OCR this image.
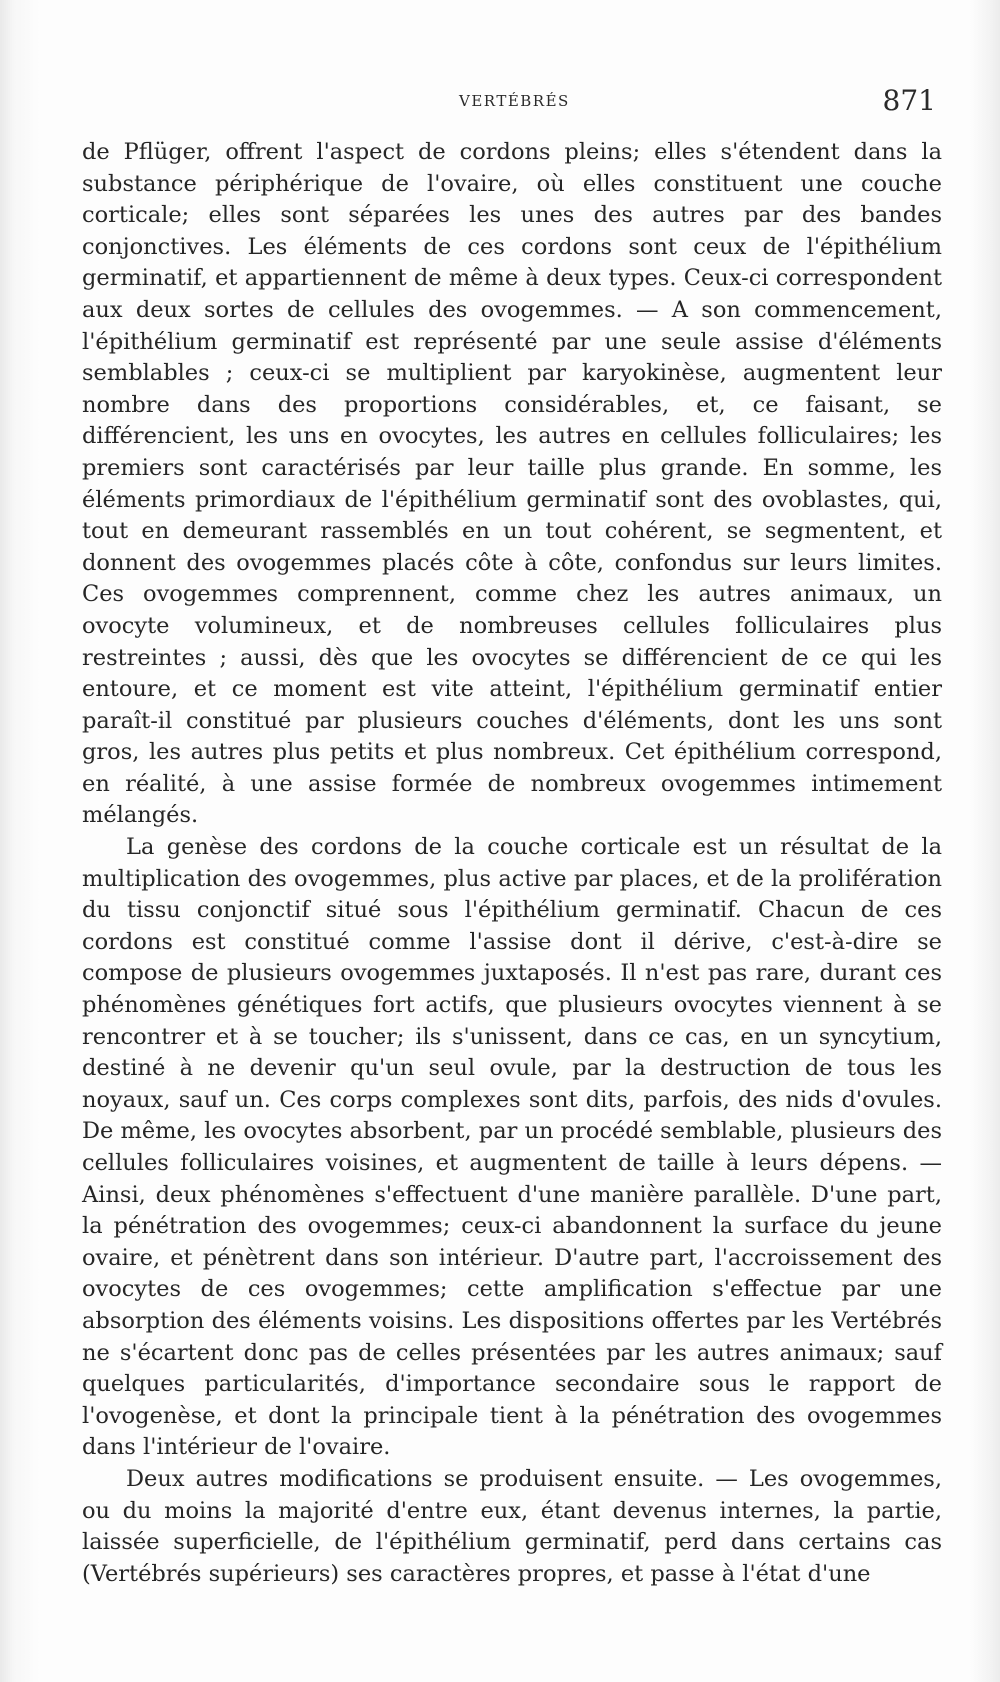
VERTÉBRÉS	871

de Pflüger, offrent l'aspect de cordons pleins; elles s'étendent dans la substance périphérique de l'ovaire, où elles constituent une couche corticale; elles sont séparées les unes des autres par des bandes conjonctives. Les éléments de ces cordons sont ceux de l'épithélium germinatif, et appartiennent de même à deux types. Ceux-ci correspondent aux deux sortes de cellules des ovogemmes. — A son commencement, l'épithélium germinatif est représenté par une seule assise d'éléments semblables ; ceux-ci se multiplient par karyokinèse, augmentent leur nombre dans des proportions considérables, et, ce faisant, se différencient, les uns en ovocytes, les autres en cellules folliculaires; les premiers sont caractérisés par leur taille plus grande. En somme, les éléments primordiaux de l'épithélium germinatif sont des ovoblastes, qui, tout en demeurant rassemblés en un tout cohérent, se segmentent, et donnent des ovogemmes placés côte à côte, confondus sur leurs limites. Ces ovogemmes comprennent, comme chez les autres animaux, un ovocyte volumineux, et de nombreuses cellules folliculaires plus restreintes ; aussi, dès que les ovocytes se différencient de ce qui les entoure, et ce moment est vite atteint, l'épithélium germinatif entier paraît-il constitué par plusieurs couches d'éléments, dont les uns sont gros, les autres plus petits et plus nombreux. Cet épithélium correspond, en réalité, à une assise formée de nombreux ovogemmes intimement mélangés.

La genèse des cordons de la couche corticale est un résultat de la multiplication des ovogemmes, plus active par places, et de la prolifération du tissu conjonctif situé sous l'épithélium germinatif. Chacun de ces cordons est constitué comme l'assise dont il dérive, c'est-à-dire se compose de plusieurs ovogemmes juxtaposés. Il n'est pas rare, durant ces phénomènes génétiques fort actifs, que plusieurs ovocytes viennent à se rencontrer et à se toucher; ils s'unissent, dans ce cas, en un syncytium, destiné à ne devenir qu'un seul ovule, par la destruction de tous les noyaux, sauf un. Ces corps complexes sont dits, parfois, des nids d'ovules. De même, les ovocytes absorbent, par un procédé semblable, plusieurs des cellules folliculaires voisines, et augmentent de taille à leurs dépens. — Ainsi, deux phénomènes s'effectuent d'une manière parallèle. D'une part, la pénétration des ovogemmes; ceux-ci abandonnent la surface du jeune ovaire, et pénètrent dans son intérieur. D'autre part, l'accroissement des ovocytes de ces ovogemmes; cette amplification s'effectue par une absorption des éléments voisins. Les dispositions offertes par les Vertébrés ne s'écartent donc pas de celles présentées par les autres animaux; sauf quelques particularités, d'importance secondaire sous le rapport de l'ovogenèse, et dont la principale tient à la pénétration des ovogemmes dans l'intérieur de l'ovaire.

Deux autres modifications se produisent ensuite. — Les ovogemmes, ou du moins la majorité d'entre eux, étant devenus internes, la partie, laissée superficielle, de l'épithélium germinatif, perd dans certains cas (Vertébrés supérieurs) ses caractères propres, et passe à l'état d'une
